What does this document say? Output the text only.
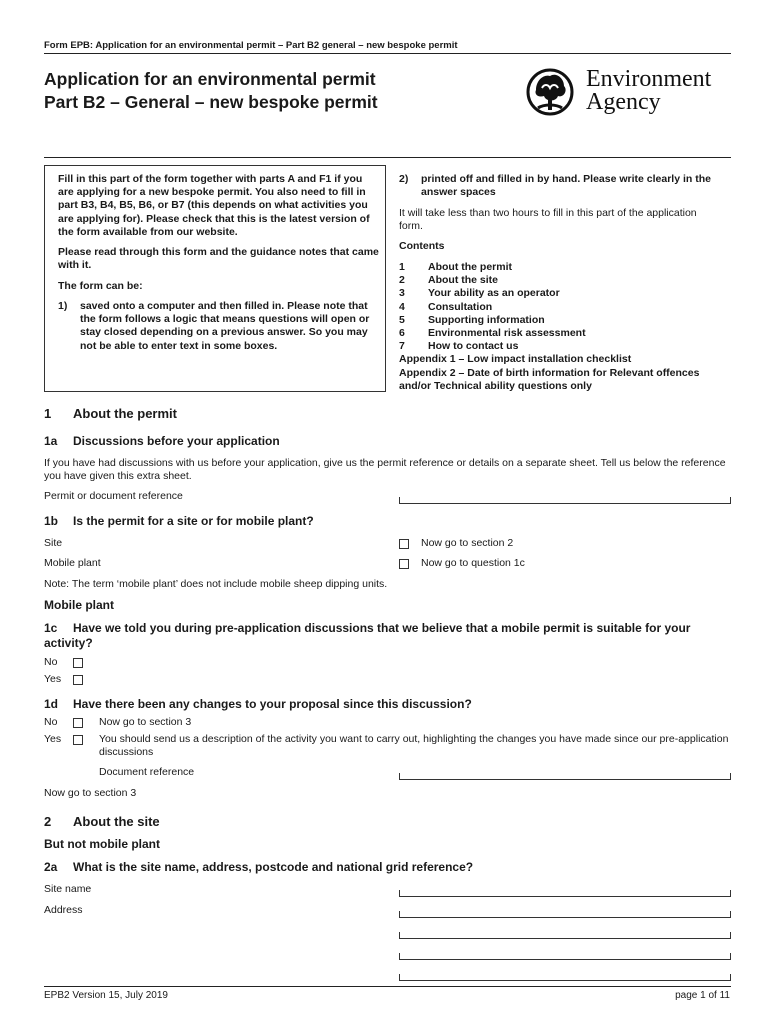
Form EPB: Application for an environmental permit – Part B2 general – new bespoke permit
Application for an environmental permit
Part B2 – General – new bespoke permit
Environment
Agency
Fill in this part of the form together with parts A and F1 if you are applying for a new bespoke permit. You also need to fill in part B3, B4, B5, B6, or B7 (this depends on what activities you are applying for). Please check that this is the latest version of the form available from our website.
Please read through this form and the guidance notes that came with it.
The form can be:
1)	saved onto a computer and then filled in. Please note that the form follows a logic that means questions will open or stay closed depending on a previous answer. So you may not be able to enter text in some boxes.
2)	printed off and filled in by hand. Please write clearly in the answer spaces
It will take less than two hours to fill in this part of the application form.
Contents
1 About the permit
2 About the site
3 Your ability as an operator
4 Consultation
5 Supporting information
6 Environmental risk assessment
7 How to contact us
Appendix 1 – Low impact installation checklist
Appendix 2 – Date of birth information for Relevant offences and/or Technical ability questions only
1	About the permit
1a	Discussions before your application
If you have had discussions with us before your application, give us the permit reference or details on a separate sheet. Tell us below the reference you have given this extra sheet.
Permit or document reference
1b	Is the permit for a site or for mobile plant?
Site	Now go to section 2
Mobile plant	Now go to question 1c
Note: The term ‘mobile plant’ does not include mobile sheep dipping units.
Mobile plant
1c	Have we told you during pre-application discussions that we believe that a mobile permit is suitable for your
activity?
No
Yes
1d	Have there been any changes to your proposal since this discussion?
No	Now go to section 3
Yes	You should send us a description of the activity you want to carry out, highlighting the changes you have made since our pre-application discussions
Document reference
Now go to section 3
2	About the site
But not mobile plant
2a	What is the site name, address, postcode and national grid reference?
Site name
Address
EPB2 Version 15, July 2019	page 1 of 11
